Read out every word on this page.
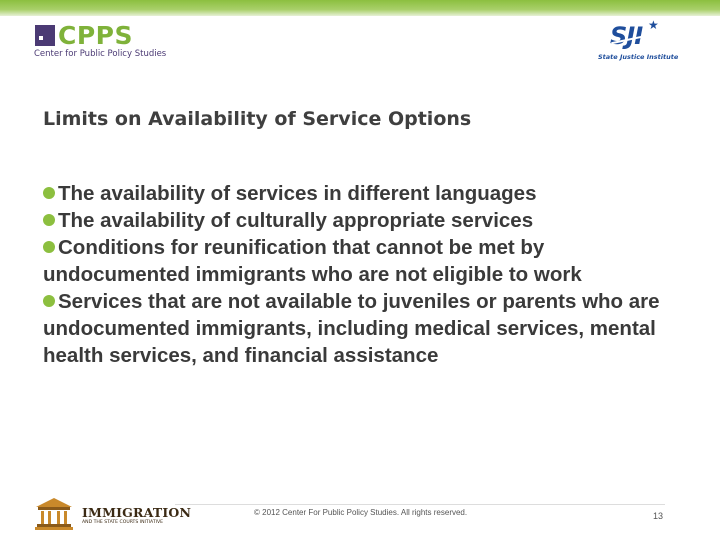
CPPS
Center for Public Policy Studies
SJI ★
State Justice Institute
Limits on Availability of Service Options

The availability of services in different languages

The availability of culturally appropriate services

Conditions for reunification that cannot be met by undocumented immigrants who are not eligible to work

Services that are not available to juveniles or parents who are undocumented immigrants, including medical services, mental health services, and financial assistance

IMMIGRATION
AND THE STATE COURTS INITIATIVE
© 2012 Center For Public Policy Studies. All rights reserved.	13
